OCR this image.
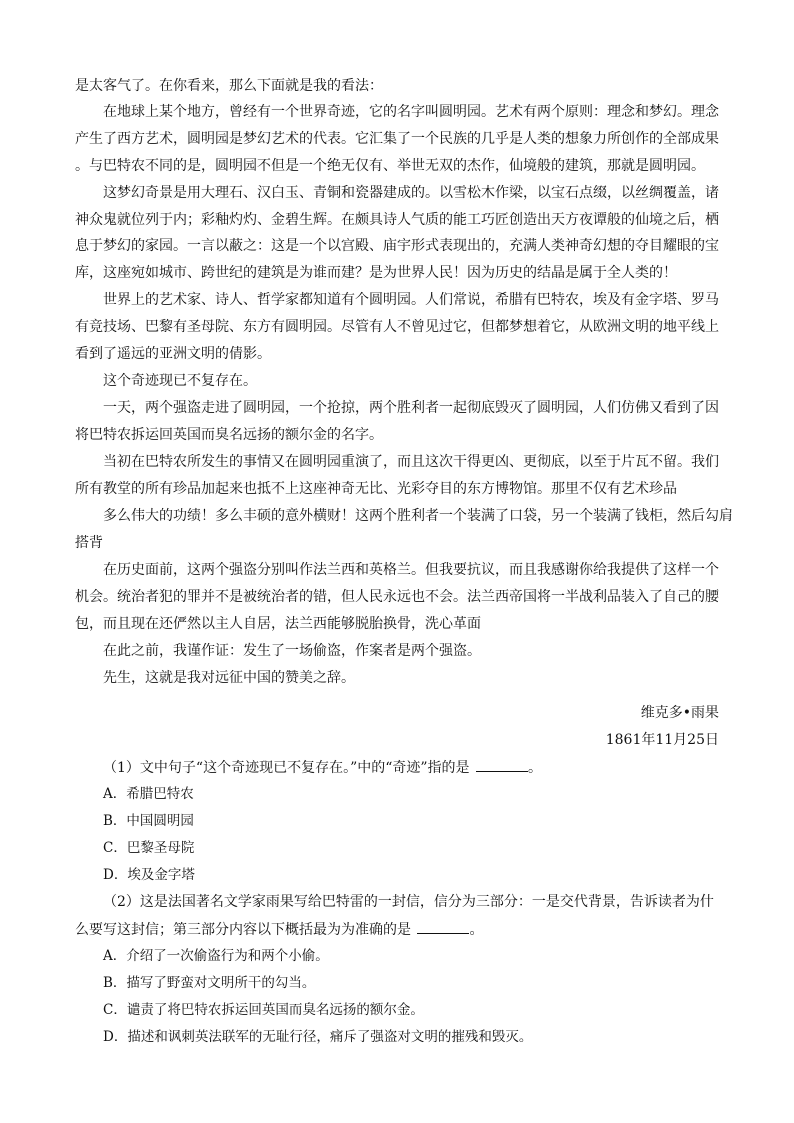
是太客气了。在你看来，那么下面就是我的看法：
在地球上某个地方，曾经有一个世界奇迹，它的名字叫圆明园。艺术有两个原则：理念和梦幻。理念
产生了西方艺术，圆明园是梦幻艺术的代表。它汇集了一个民族的几乎是人类的想象力所创作的全部成果
。与巴特农不同的是，圆明园不但是一个绝无仅有、举世无双的杰作，仙境般的建筑，那就是圆明园。
这梦幻奇景是用大理石、汉白玉、青铜和瓷器建成的。以雪松木作梁，以宝石点缀，以丝绸覆盖，诸
神众鬼就位列于内；彩釉灼灼、金碧生辉。在颇具诗人气质的能工巧匠创造出天方夜谭般的仙境之后，栖
息于梦幻的家园。一言以蔽之：这是一个以宫殿、庙宇形式表现出的，充满人类神奇幻想的夺目耀眼的宝
库，这座宛如城市、跨世纪的建筑是为谁而建？是为世界人民！因为历史的结晶是属于全人类的！
世界上的艺术家、诗人、哲学家都知道有个圆明园。人们常说，希腊有巴特农，埃及有金字塔、罗马
有竞技场、巴黎有圣母院、东方有圆明园。尽管有人不曾见过它，但都梦想着它，从欧洲文明的地平线上
看到了遥远的亚洲文明的倩影。
这个奇迹现已不复存在。
一天，两个强盗走进了圆明园，一个抢掠，两个胜利者一起彻底毁灭了圆明园，人们仿佛又看到了因
将巴特农拆运回英国而臭名远扬的额尔金的名字。
当初在巴特农所发生的事情又在圆明园重演了，而且这次干得更凶、更彻底，以至于片瓦不留。我们
所有教堂的所有珍品加起来也抵不上这座神奇无比、光彩夺目的东方博物馆。那里不仅有艺术珍品
多么伟大的功绩！多么丰硕的意外横财！这两个胜利者一个装满了口袋，另一个装满了钱柜，然后勾肩
搭背
在历史面前，这两个强盗分别叫作法兰西和英格兰。但我要抗议，而且我感谢你给我提供了这样一个
机会。统治者犯的罪并不是被统治者的错，但人民永远也不会。法兰西帝国将一半战利品装入了自己的腰
包，而且现在还俨然以主人自居，法兰西能够脱胎换骨，洗心革面
在此之前，我谨作证：发生了一场偷盗，作案者是两个强盗。
先生，这就是我对远征中国的赞美之辞。
维克多•雨果
1861年11月25日
（1）文中句子“这个奇迹现已不复存在。”中的“奇迹”指的是	。
A．希腊巴特农
B．中国圆明园
C．巴黎圣母院
D．埃及金字塔
（2）这是法国著名文学家雨果写给巴特雷的一封信，信分为三部分：一是交代背景，告诉读者为什
么要写这封信；第三部分内容以下概括最为为准确的是	。
A．介绍了一次偷盗行为和两个小偷。
B．描写了野蛮对文明所干的勾当。
C．谴责了将巴特农拆运回英国而臭名远扬的额尔金。
D．描述和讽刺英法联军的无耻行径，痛斥了强盗对文明的摧残和毁灭。
